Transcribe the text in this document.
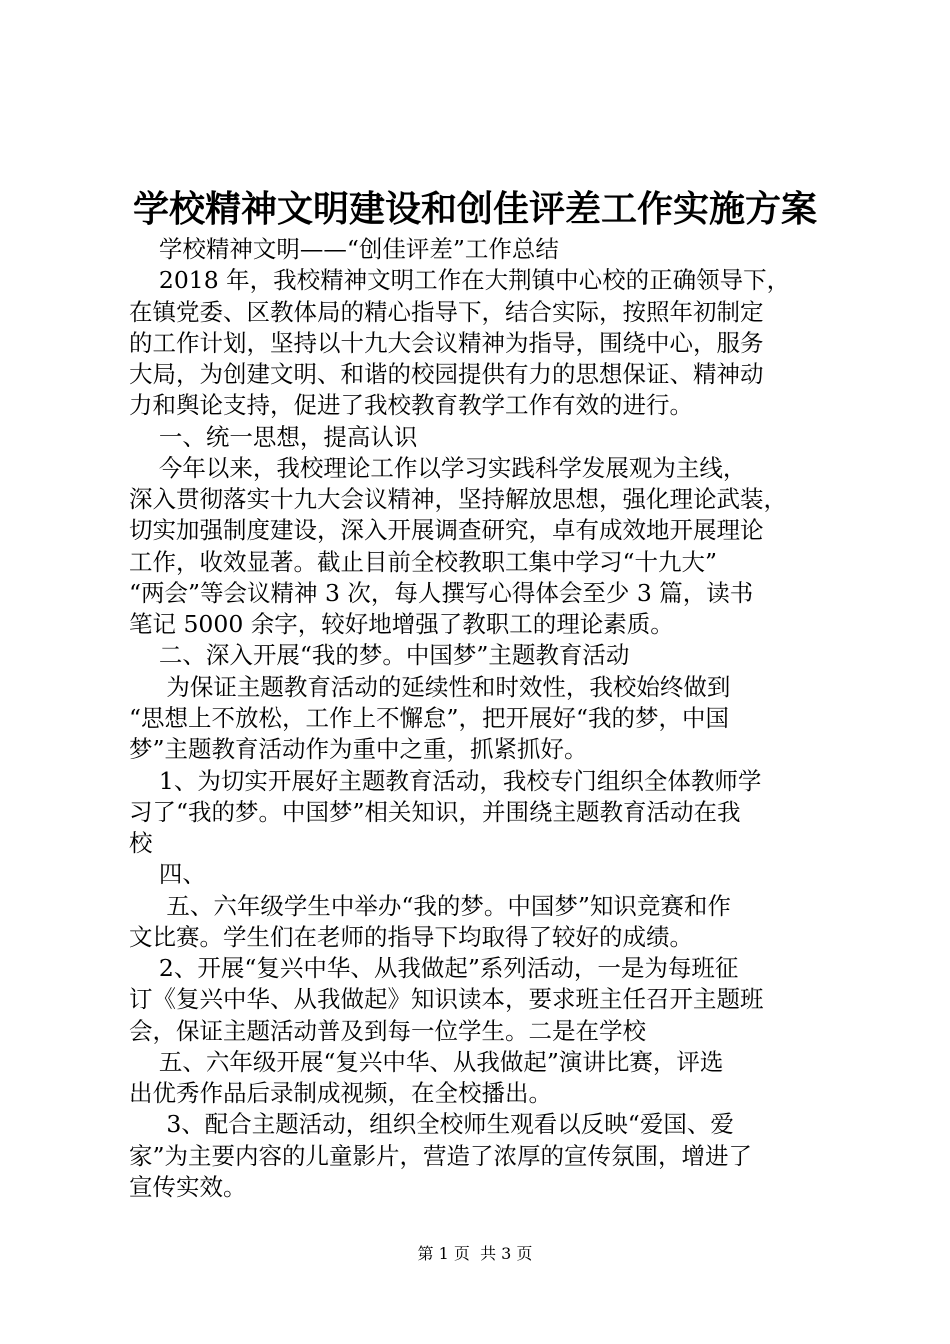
学校精神文明建设和创佳评差工作实施方案
学校精神文明——“创佳评差”工作总结
2018 年，我校精神文明工作在大荆镇中心校的正确领导下，
在镇党委、区教体局的精心指导下，结合实际，按照年初制定
的工作计划，坚持以十九大会议精神为指导，围绕中心，服务
大局，为创建文明、和谐的校园提供有力的思想保证、精神动
力和舆论支持，促进了我校教育教学工作有效的进行。
一、统一思想，提高认识
今年以来，我校理论工作以学习实践科学发展观为主线，
深入贯彻落实十九大会议精神，坚持解放思想，强化理论武装，
切实加强制度建设，深入开展调查研究，卓有成效地开展理论
工作，收效显著。截止目前全校教职工集中学习“十九大”
“两会”等会议精神 3 次，每人撰写心得体会至少 3 篇，读书
笔记 5000 余字，较好地增强了教职工的理论素质。
二、深入开展“我的梦。中国梦”主题教育活动
为保证主题教育活动的延续性和时效性，我校始终做到
“思想上不放松，工作上不懈怠”，把开展好“我的梦，中国
梦”主题教育活动作为重中之重，抓紧抓好。
1、为切实开展好主题教育活动，我校专门组织全体教师学
习了“我的梦。中国梦”相关知识，并围绕主题教育活动在我
校
四、
五、六年级学生中举办“我的梦。中国梦”知识竞赛和作
文比赛。学生们在老师的指导下均取得了较好的成绩。
2、开展“复兴中华、从我做起”系列活动，一是为每班征
订《复兴中华、从我做起》知识读本，要求班主任召开主题班
会，保证主题活动普及到每一位学生。二是在学校
五、六年级开展“复兴中华、从我做起”演讲比赛，评选
出优秀作品后录制成视频，在全校播出。
3、配合主题活动，组织全校师生观看以反映“爱国、爱
家”为主要内容的儿童影片，营造了浓厚的宣传氛围，增进了
宣传实效。
第 1 页  共 3 页
